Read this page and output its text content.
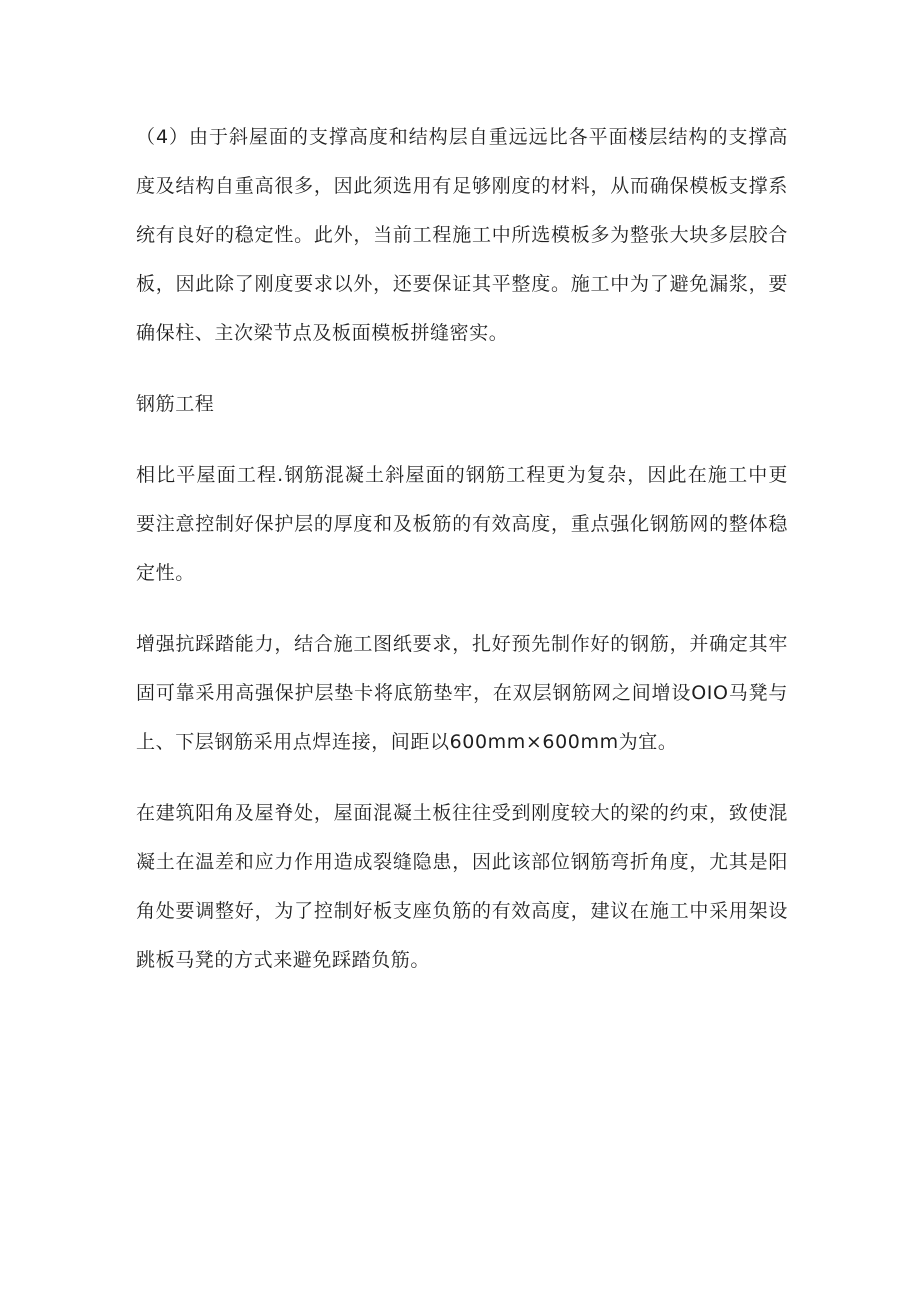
（4）由于斜屋面的支撑高度和结构层自重远远比各平面楼层结构的支撑高度及结构自重高很多，因此须选用有足够刚度的材料，从而确保模板支撑系统有良好的稳定性。此外，当前工程施工中所选模板多为整张大块多层胶合板，因此除了刚度要求以外，还要保证其平整度。施工中为了避免漏浆，要确保柱、主次梁节点及板面模板拼缝密实。

钢筋工程

相比平屋面工程.钢筋混凝土斜屋面的钢筋工程更为复杂，因此在施工中更要注意控制好保护层的厚度和及板筋的有效高度，重点强化钢筋网的整体稳定性。

增强抗踩踏能力，结合施工图纸要求，扎好预先制作好的钢筋，并确定其牢固可靠采用高强保护层垫卡将底筋垫牢，在双层钢筋网之间增设OIO马凳与上、下层钢筋采用点焊连接，间距以600mm×600mm为宜。

在建筑阳角及屋脊处，屋面混凝土板往往受到刚度较大的梁的约束，致使混凝土在温差和应力作用造成裂缝隐患，因此该部位钢筋弯折角度，尤其是阳角处要调整好，为了控制好板支座负筋的有效高度，建议在施工中采用架设跳板马凳的方式来避免踩踏负筋。
